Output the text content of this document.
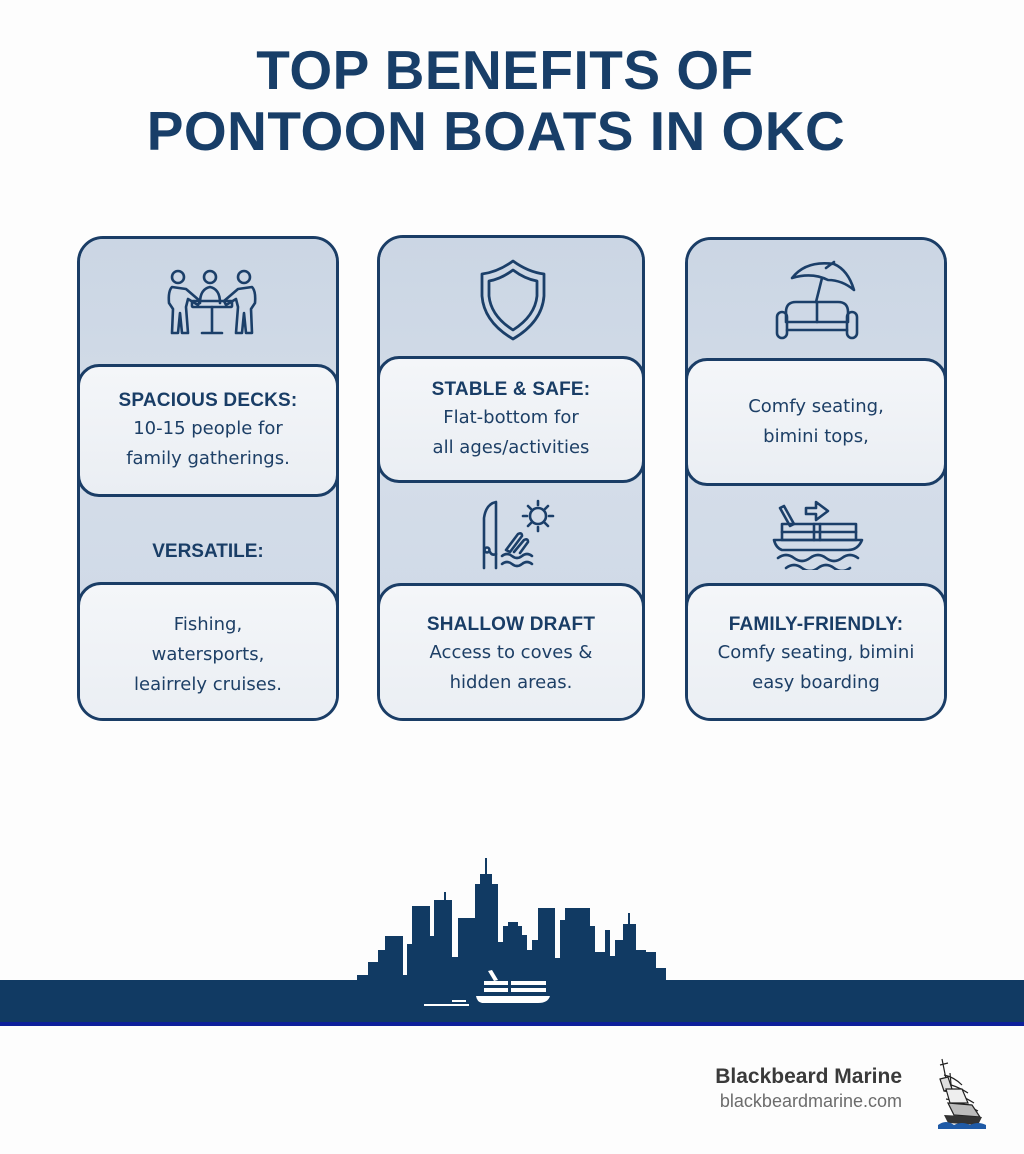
TOP BENEFITS OF
PONTOON BOATS IN OKC
SPACIOUS DECKS:
10-15 people for
family gatherings.
VERSATILE:
Fishing,
watersports,
leairrely cruises.
STABLE & SAFE:
Flat-bottom for
all ages/activities
SHALLOW DRAFT
Access to coves &
hidden areas.
Comfy seating,
bimini tops,
FAMILY-FRIENDLY:
Comfy seating, bimini
easy boarding
Blackbeard Marine
blackbeardmarine.com
